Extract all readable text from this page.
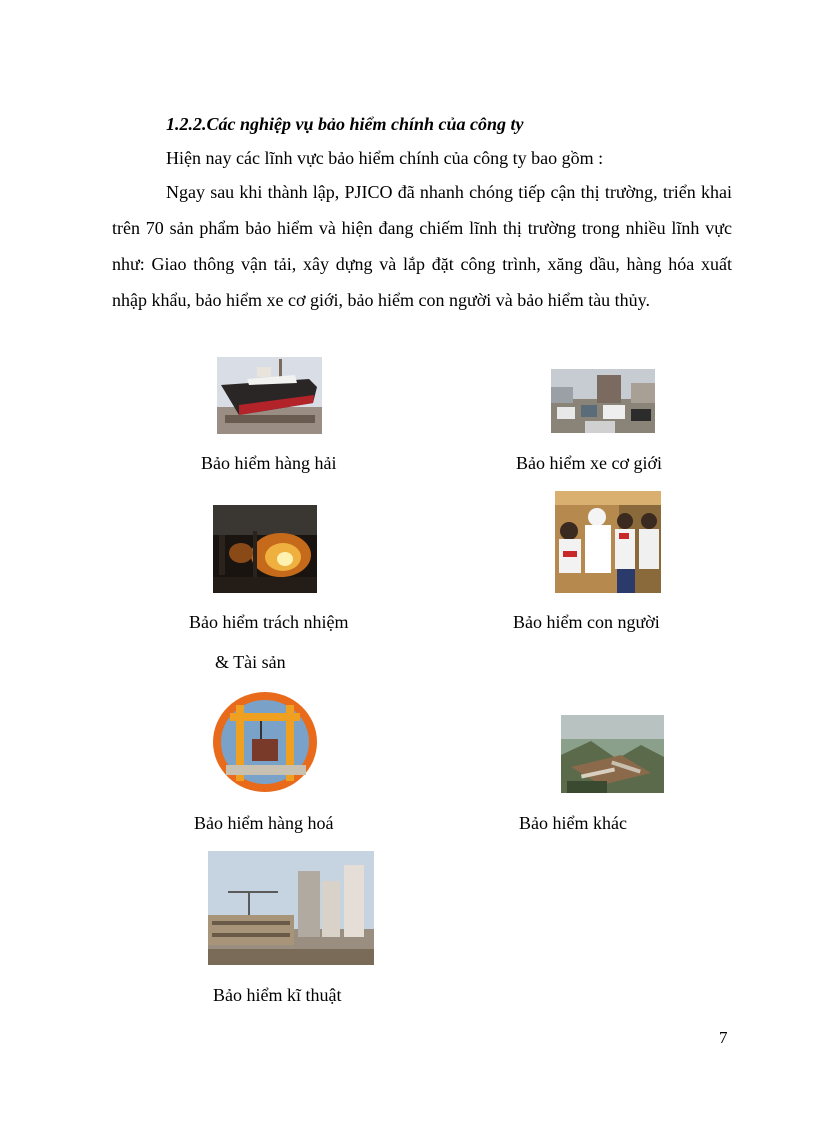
1.2.2.Các nghiệp vụ bảo hiểm chính của công ty
Hiện nay các lĩnh vực bảo hiểm chính của công ty bao gồm :
Ngay sau khi thành lập, PJICO đã nhanh chóng tiếp cận thị trường, triển khai trên 70 sản phẩm bảo hiểm và hiện đang chiếm lĩnh thị trường trong nhiều lĩnh vực như: Giao thông vận tải, xây dựng và lắp đặt công trình, xăng dầu, hàng hóa xuất nhập khẩu, bảo hiểm xe cơ giới, bảo hiểm con người và bảo hiểm tàu thủy.
Bảo hiểm hàng hải	Bảo hiểm xe cơ giới
Bảo hiểm trách nhiệm
& Tài sản
Bảo hiểm con người
Bảo hiểm hàng hoá	Bảo hiểm khác
Bảo hiểm kĩ thuật
7
